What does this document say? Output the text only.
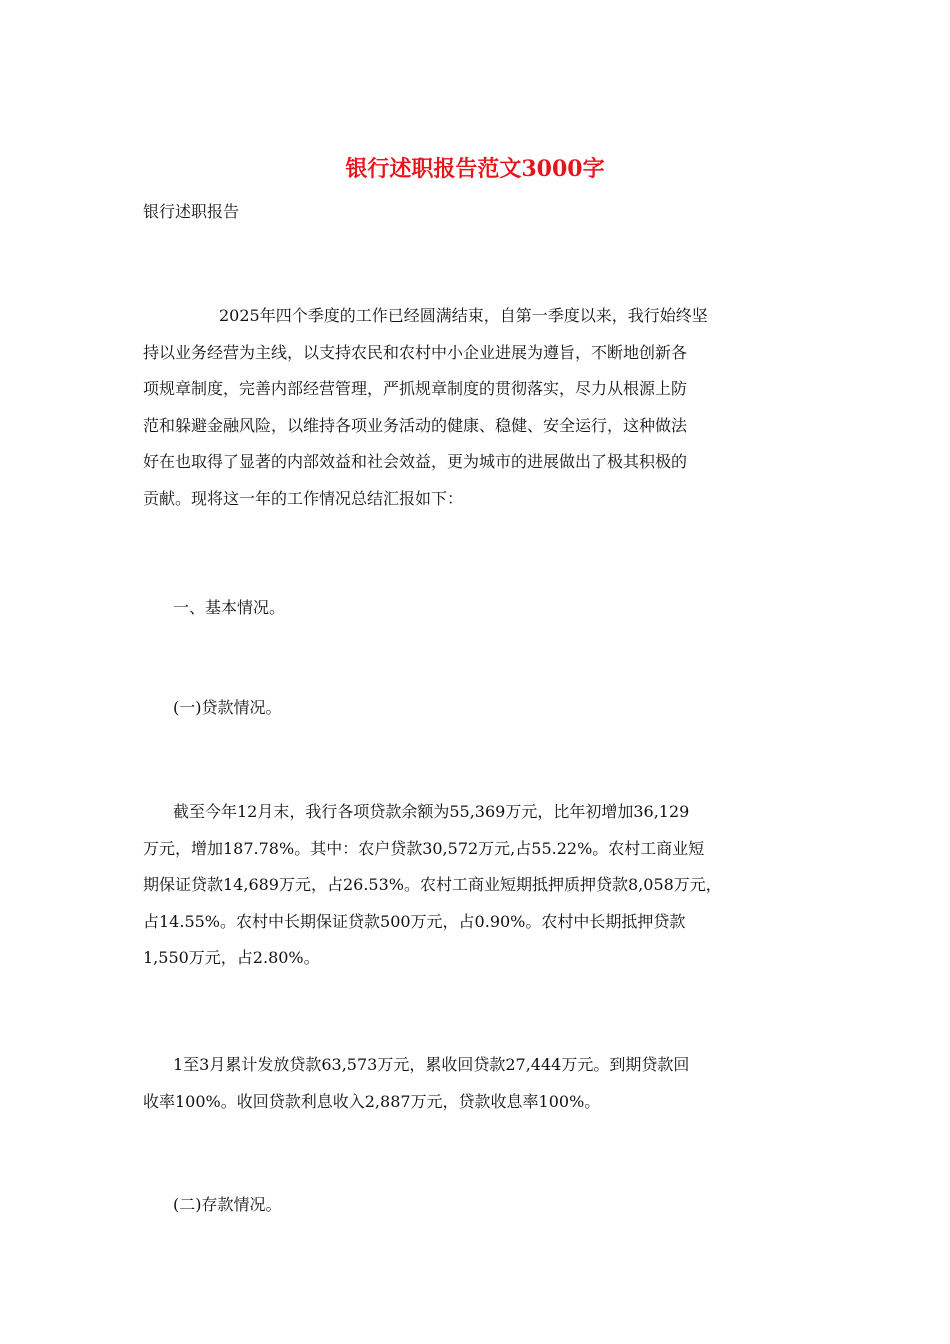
银行述职报告范文3000字
银行述职报告
2025年四个季度的工作已经圆满结束，自第一季度以来，我行始终坚
持以业务经营为主线，以支持农民和农村中小企业进展为遵旨，不断地创新各
项规章制度，完善内部经营管理，严抓规章制度的贯彻落实，尽力从根源上防
范和躲避金融风险，以维持各项业务活动的健康、稳健、安全运行，这种做法
好在也取得了显著的内部效益和社会效益，更为城市的进展做出了极其积极的
贡献。现将这一年的工作情况总结汇报如下：
一、基本情况。
(一)贷款情况。
截至今年12月末，我行各项贷款余额为55,369万元，比年初增加36,129
万元，增加187.78%。其中：农户贷款30,572万元,占55.22%。农村工商业短
期保证贷款14,689万元，占26.53%。农村工商业短期抵押质押贷款8,058万元，
占14.55%。农村中长期保证贷款500万元，占0.90%。农村中长期抵押贷款
1,550万元，占2.80%。
1至3月累计发放贷款63,573万元，累收回贷款27,444万元。到期贷款回
收率100%。收回贷款利息收入2,887万元，贷款收息率100%。
(二)存款情况。
